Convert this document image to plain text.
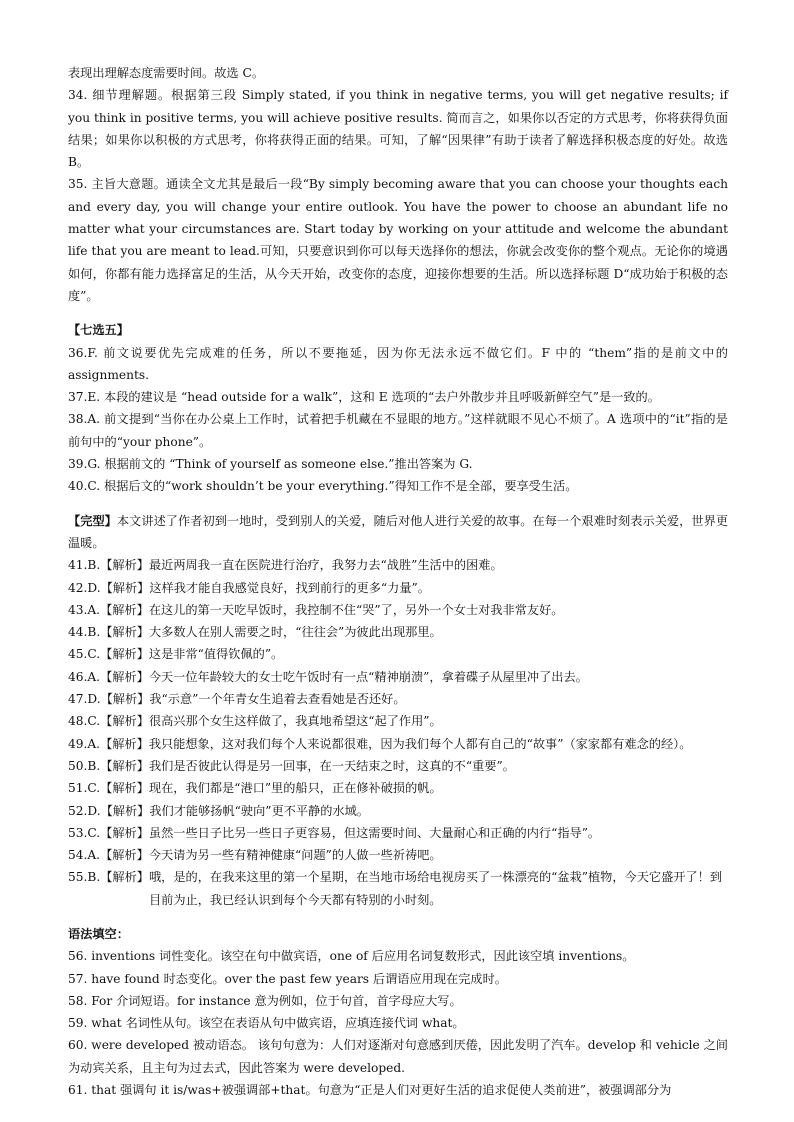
表现出理解态度需要时间。故选 C。

34. 细节理解题。根据第三段 Simply stated, if you think in negative terms, you will get negative results; if you think in positive terms, you will achieve positive results. 简而言之，如果你以否定的方式思考，你将获得负面结果；如果你以积极的方式思考，你将获得正面的结果。可知，了解“因果律”有助于读者了解选择积极态度的好处。故选 B。

35. 主旨大意题。通读全文尤其是最后一段“By simply becoming aware that you can choose your thoughts each and every day, you will change your entire outlook. You have the power to choose an abundant life no matter what your circumstances are. Start today by working on your attitude and welcome the abundant life that you are meant to lead.可知，只要意识到你可以每天选择你的想法，你就会改变你的整个观点。无论你的境遇如何，你都有能力选择富足的生活，从今天开始，改变你的态度，迎接你想要的生活。所以选择标题 D“成功始于积极的态度”。

【七选五】

36.F. 前文说要优先完成难的任务，所以不要拖延，因为你无法永远不做它们。F 中的 “them”指的是前文中的 assignments.

37.E. 本段的建议是 “head outside for a walk”，这和 E 选项的“去户外散步并且呼吸新鲜空气”是一致的。

38.A. 前文提到“当你在办公桌上工作时，试着把手机藏在不显眼的地方。”这样就眼不见心不烦了。A 选项中的“it”指的是前句中的“your phone”。

39.G. 根据前文的 “Think of yourself as someone else.”推出答案为 G.

40.C. 根据后文的“work shouldn’t be your everything.”得知工作不是全部，要享受生活。

【完型】本文讲述了作者初到一地时，受到别人的关爱，随后对他人进行关爱的故事。在每一个艰难时刻表示关爱，世界更温暖。

41.B. 【解析】 最近两周我一直在医院进行治疗，我努力去“战胜”生活中的困难。
42.D. 【解析】 这样我才能自我感觉良好，找到前行的更多“力量”。
43.A. 【解析】 在这儿的第一天吃早饭时，我控制不住“哭”了，另外一个女士对我非常友好。
44.B. 【解析】 大多数人在别人需要之时，“往往会”为彼此出现那里。
45.C. 【解析】 这是非常“值得钦佩的”。
46.A. 【解析】 今天一位年龄较大的女士吃午饭时有一点“精神崩溃”，拿着碟子从屋里冲了出去。
47.D. 【解析】 我“示意”一个年青女生追着去查看她是否还好。
48.C. 【解析】 很高兴那个女生这样做了，我真地希望这“起了作用”。
49.A. 【解析】 我只能想象，这对我们每个人来说都很难，因为我们每个人都有自己的“故事”（家家都有难念的经）。
50.B. 【解析】 我们是否彼此认得是另一回事，在一天结束之时，这真的不“重要”。
51.C. 【解析】 现在，我们都是“港口”里的船只，正在修补破损的帆。
52.D. 【解析】 我们才能够扬帆“驶向”更不平静的水域。
53.C. 【解析】 虽然一些日子比另一些日子更容易，但这需要时间、大量耐心和正确的内行“指导”。
54.A. 【解析】 今天请为另一些有精神健康“问题”的人做一些祈祷吧。
55.B. 【解析】 哦，是的，在我来这里的第一个星期，在当地市场给电视房买了一株漂亮的“盆栽”植物，今天它盛开了！到目前为止，我已经认识到每个今天都有特别的小时刻。
语法填空：

56. inventions 词性变化。该空在句中做宾语，one of 后应用名词复数形式，因此该空填 inventions。

57. have found 时态变化。over the past few years 后谓语应用现在完成时。

58. For 介词短语。for instance 意为例如，位于句首，首字母应大写。

59. what 名词性从句。该空在表语从句中做宾语，应填连接代词 what。

60. were developed 被动语态。 该句句意为：人们对逐渐对句意感到厌倦，因此发明了汽车。develop 和 vehicle 之间为动宾关系，且主句为过去式，因此答案为 were developed.

61. that 强调句 it is/was+被强调部+that。句意为“正是人们对更好生活的追求促使人类前进”，被强调部分为
